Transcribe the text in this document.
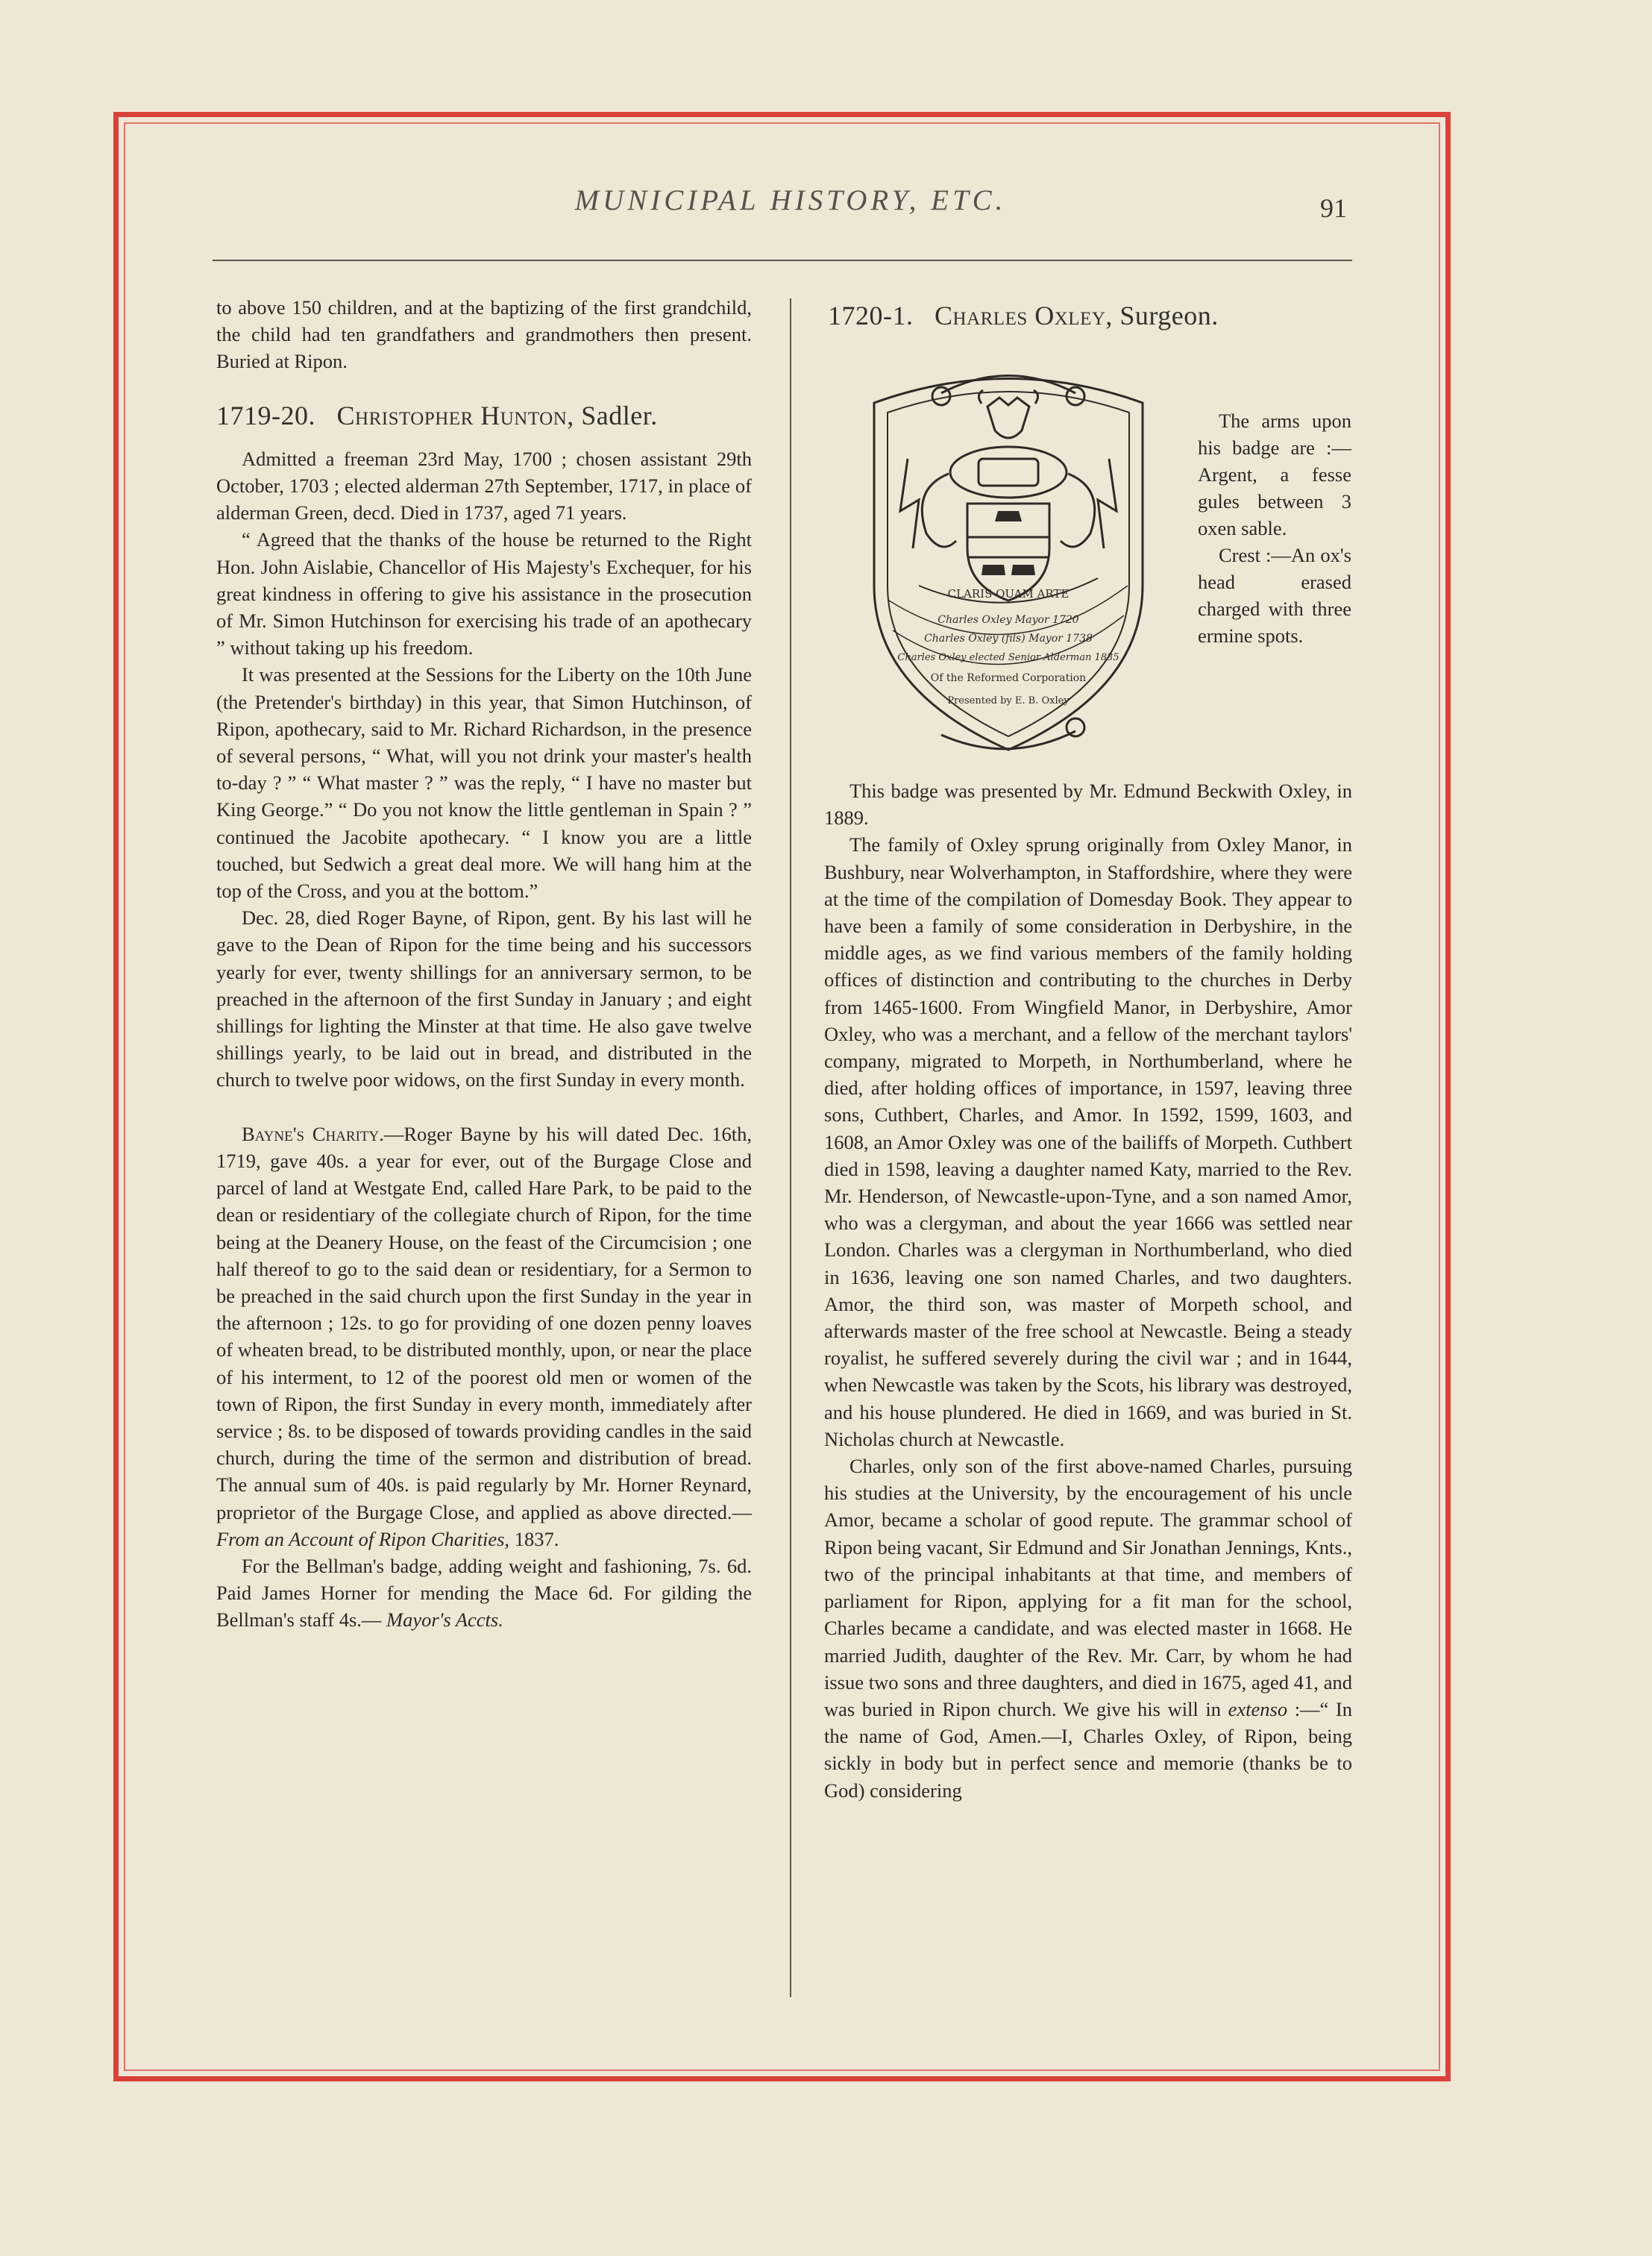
MUNICIPAL HISTORY, ETC.	91

to above 150 children, and at the baptizing of the first grandchild, the child had ten grandfathers and grandmothers then present. Buried at Ripon.

1719-20. Christopher Hunton, Sadler.

Admitted a freeman 23rd May, 1700 ; chosen assistant 29th October, 1703 ; elected alderman 27th September, 1717, in place of alderman Green, decd. Died in 1737, aged 71 years.

“ Agreed that the thanks of the house be returned to the Right Hon. John Aislabie, Chancellor of His Majesty's Exchequer, for his great kindness in offering to give his assistance in the prosecution of Mr. Simon Hutchinson for exercising his trade of an apothecary ” without taking up his freedom.

It was presented at the Sessions for the Liberty on the 10th June (the Pretender's birthday) in this year, that Simon Hutchinson, of Ripon, apothecary, said to Mr. Richard Richardson, in the presence of several persons, “ What, will you not drink your master's health to-day ? ” “ What master ? ” was the reply, “ I have no master but King George.” “ Do you not know the little gentleman in Spain ? ” continued the Jacobite apothecary. “ I know you are a little touched, but Sedwich a great deal more. We will hang him at the top of the Cross, and you at the bottom.”

Dec. 28, died Roger Bayne, of Ripon, gent. By his last will he gave to the Dean of Ripon for the time being and his successors yearly for ever, twenty shillings for an anniversary sermon, to be preached in the afternoon of the first Sunday in January ; and eight shillings for lighting the Minster at that time. He also gave twelve shillings yearly, to be laid out in bread, and distributed in the church to twelve poor widows, on the first Sunday in every month.

Bayne's Charity.—Roger Bayne by his will dated Dec. 16th, 1719, gave 40s. a year for ever, out of the Burgage Close and parcel of land at Westgate End, called Hare Park, to be paid to the dean or residentiary of the collegiate church of Ripon, for the time being at the Deanery House, on the feast of the Circumcision ; one half thereof to go to the said dean or residentiary, for a Sermon to be preached in the said church upon the first Sunday in the year in the afternoon ; 12s. to go for providing of one dozen penny loaves of wheaten bread, to be distributed monthly, upon, or near the place of his interment, to 12 of the poorest old men or women of the town of Ripon, the first Sunday in every month, immediately after service ; 8s. to be disposed of towards providing candles in the said church, during the time of the sermon and distribution of bread. The annual sum of 40s. is paid regularly by Mr. Horner Reynard, proprietor of the Burgage Close, and applied as above directed.—From an Account of Ripon Charities, 1837.

For the Bellman's badge, adding weight and fashioning, 7s. 6d. Paid James Horner for mending the Mace 6d. For gilding the Bellman's staff 4s.— Mayor's Accts.

1720-1. Charles Oxley, Surgeon.
CLARIS QUAM ARTE
Charles Oxley Mayor 1720
Charles Oxley (fils) Mayor 1738
Charles Oxley elected Senior Alderman 1835
Of the Reformed Corporation
Presented by E. B. Oxley

The arms upon his badge are :—Argent, a fesse gules between 3 oxen sable.

Crest :—An ox's head erased charged with three ermine spots.

This badge was presented by Mr. Edmund Beckwith Oxley, in 1889.

The family of Oxley sprung originally from Oxley Manor, in Bushbury, near Wolverhampton, in Staffordshire, where they were at the time of the compilation of Domesday Book. They appear to have been a family of some consideration in Derbyshire, in the middle ages, as we find various members of the family holding offices of distinction and contributing to the churches in Derby from 1465-1600. From Wingfield Manor, in Derbyshire, Amor Oxley, who was a merchant, and a fellow of the merchant taylors' company, migrated to Morpeth, in Northumberland, where he died, after holding offices of importance, in 1597, leaving three sons, Cuthbert, Charles, and Amor. In 1592, 1599, 1603, and 1608, an Amor Oxley was one of the bailiffs of Morpeth. Cuthbert died in 1598, leaving a daughter named Katy, married to the Rev. Mr. Henderson, of Newcastle-upon-Tyne, and a son named Amor, who was a clergyman, and about the year 1666 was settled near London. Charles was a clergyman in Northumberland, who died in 1636, leaving one son named Charles, and two daughters. Amor, the third son, was master of Morpeth school, and afterwards master of the free school at Newcastle. Being a steady royalist, he suffered severely during the civil war ; and in 1644, when Newcastle was taken by the Scots, his library was destroyed, and his house plundered. He died in 1669, and was buried in St. Nicholas church at Newcastle.

Charles, only son of the first above-named Charles, pursuing his studies at the University, by the encouragement of his uncle Amor, became a scholar of good repute. The grammar school of Ripon being vacant, Sir Edmund and Sir Jonathan Jennings, Knts., two of the principal inhabitants at that time, and members of parliament for Ripon, applying for a fit man for the school, Charles became a candidate, and was elected master in 1668. He married Judith, daughter of the Rev. Mr. Carr, by whom he had issue two sons and three daughters, and died in 1675, aged 41, and was buried in Ripon church. We give his will in extenso :—“ In the name of God, Amen.—I, Charles Oxley, of Ripon, being sickly in body but in perfect sence and memorie (thanks be to God) considering
